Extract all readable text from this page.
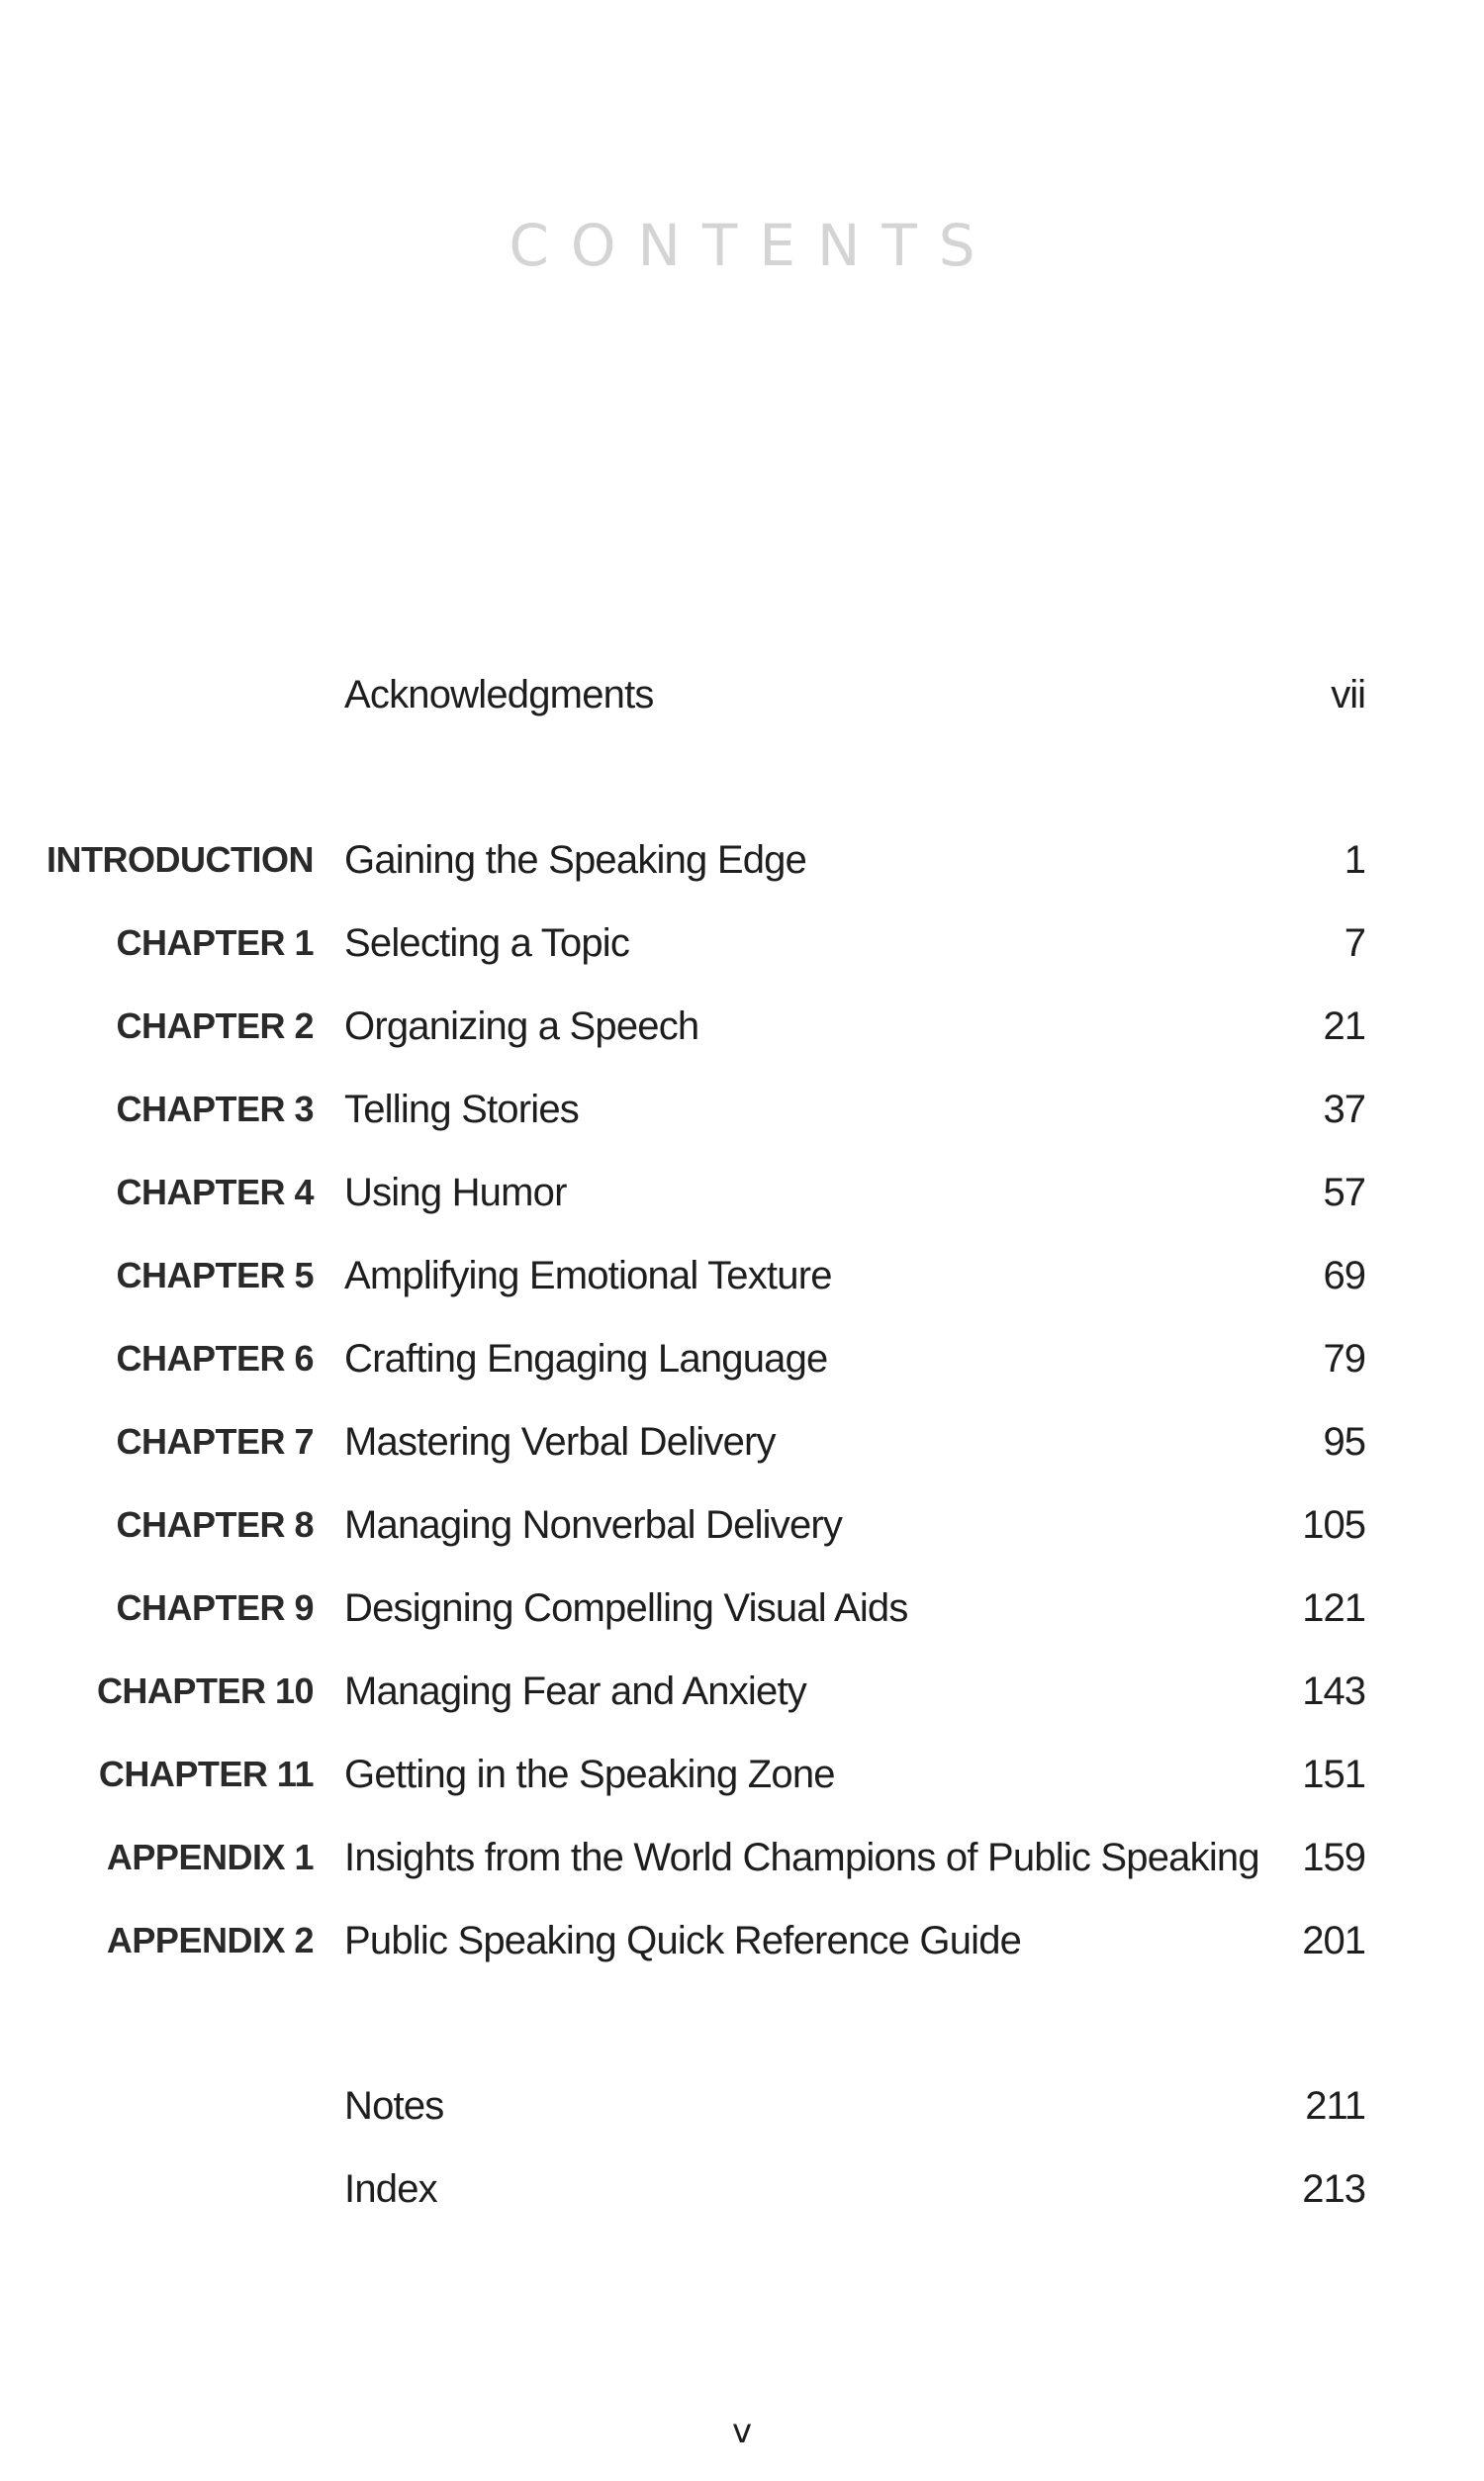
CONTENTS
Acknowledgments	vii
INTRODUCTION Gaining the Speaking Edge	1
CHAPTER 1 Selecting a Topic	7
CHAPTER 2 Organizing a Speech	21
CHAPTER 3 Telling Stories	37
CHAPTER 4 Using Humor	57
CHAPTER 5 Amplifying Emotional Texture	69
CHAPTER 6 Crafting Engaging Language	79
CHAPTER 7 Mastering Verbal Delivery	95
CHAPTER 8 Managing Nonverbal Delivery	105
CHAPTER 9 Designing Compelling Visual Aids	121
CHAPTER 10 Managing Fear and Anxiety	143
CHAPTER 11 Getting in the Speaking Zone	151
APPENDIX 1 Insights from the World Champions of Public Speaking 159
APPENDIX 2 Public Speaking Quick Reference Guide	201
Notes	211
Index	213
v
